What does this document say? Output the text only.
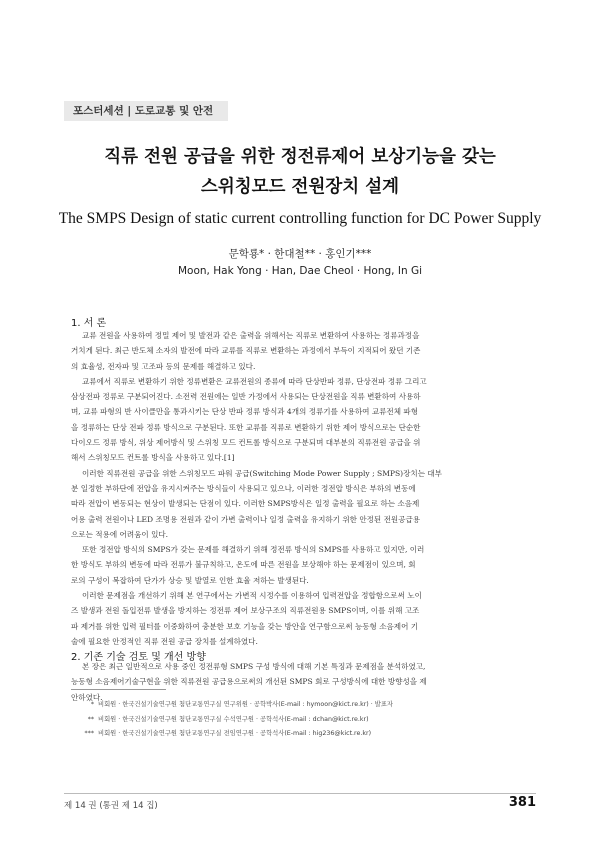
포스터세션 | 도로교통 및 안전
직류 전원 공급을 위한 정전류제어 보상기능을 갖는
스위칭모드 전원장치 설계
The SMPS Design of static current controlling function for DC Power Supply
문학룡* · 한대철** · 홍인기***
Moon, Hak Yong · Han, Dae Cheol · Hong, In Gi
1. 서 론
교류 전원을 사용하여 정밀 제어 및 발전과 같은 출력을 위해서는 직류로 변환하여 사용하는 정류과정을
거치게 된다. 최근 반도체 소자의 발전에 따라 교류를 직류로 변환하는 과정에서 부득이 지적되어 왔던 기존
의 효율성, 전자파 및 고조파 등의 문제를 해결하고 있다.
교류에서 직류로 변환하기 위한 정류변환은 교류전원의 종류에 따라 단상반파 정류, 단상전파 정류 그리고
삼상전파 정류로 구분되어진다. 소전력 전원에는 일반 가정에서 사용되는 단상전원을 직류 변환하여 사용하
며, 교류 파형의 반 사이클만을 통과시키는 단상 반파 정류 방식과 4개의 정류기를 사용하여 교류전체 파형
을 정류하는 단상 전파 정류 방식으로 구분된다. 또한 교류를 직류로 변환하기 위한 제어 방식으로는 단순한
다이오드 정류 방식, 위상 제어방식 및 스위칭 모드 컨트롤 방식으로 구분되며 대부분의 직류전원 공급을 위
해서 스위칭모드 컨트롤 방식을 사용하고 있다.[1]
이러한 직류전원 공급을 위한 스위칭모드 파워 공급(Switching Mode Power Supply ; SMPS)장치는 대부
분 일정한 부하단에 전압을 유지시켜주는 방식들이 사용되고 있으나, 이러한 정전압 방식은 부하의 변동에
따라 전압이 변동되는 현상이 발생되는 단점이 있다. 이러한 SMPS방식은 일정 출력을 필요로 하는 소음제
어용 출력 전원이나 LED 조명용 전원과 같이 가변 출력이나 일정 출력을 유지하기 위한 안정된 전원공급용
으로는 적용에 어려움이 있다.
또한 정전압 방식의 SMPS가 갖는 문제를 해결하기 위해 정전류 방식의 SMPS를 사용하고 있지만, 이러
한 방식도 부하의 변동에 따라 전류가 불규칙하고, 온도에 따른 전원을 보상해야 하는 문제점이 있으며, 회
로의 구성이 복잡하여 단가가 상승 및 발열로 인한 효율 저하는 발생된다.
이러한 문제점을 개선하기 위해 본 연구에서는 가변적 시정수를 이용하여 입력전압을 정합함으로써 노이
즈 발생과 전원 돌입전류 발생을 방지하는 정전류 제어 보상구조의 직류전원용 SMPS이며, 이를 위해 고조
파 제거를 위한 입력 필터를 이중화하여 충분한 보호 기능을 갖는 방안을 연구함으로써 능동형 소음제어 기
술에 필요한 안정적인 직류 전원 공급 장치를 설계하였다.
2. 기존 기술 검토 및 개선 방향
본 장은 최근 일반적으로 사용 중인 정전류형 SMPS 구성 방식에 대해 기본 특징과 문제점을 분석하였고,
능동형 소음제어기술구현을 위한 직류전원 공급용으로써의 개선된 SMPS 회로 구성방식에 대한 방향성을 제
안하였다.
* 비회원 · 한국건설기술연구원 첨단교통연구실 연구위원 · 공학박사(E-mail : hymoon@kict.re.kr) · 발표자
** 비회원 · 한국건설기술연구원 첨단교통연구실 수석연구원 · 공학석사(E-mail : dchan@kict.re.kr)
*** 비회원 · 한국건설기술연구원 첨단교통연구실 전임연구원 · 공학석사(E-mail : hig236@kict.re.kr)
제 14 권 (통권 제 14 집)	381
